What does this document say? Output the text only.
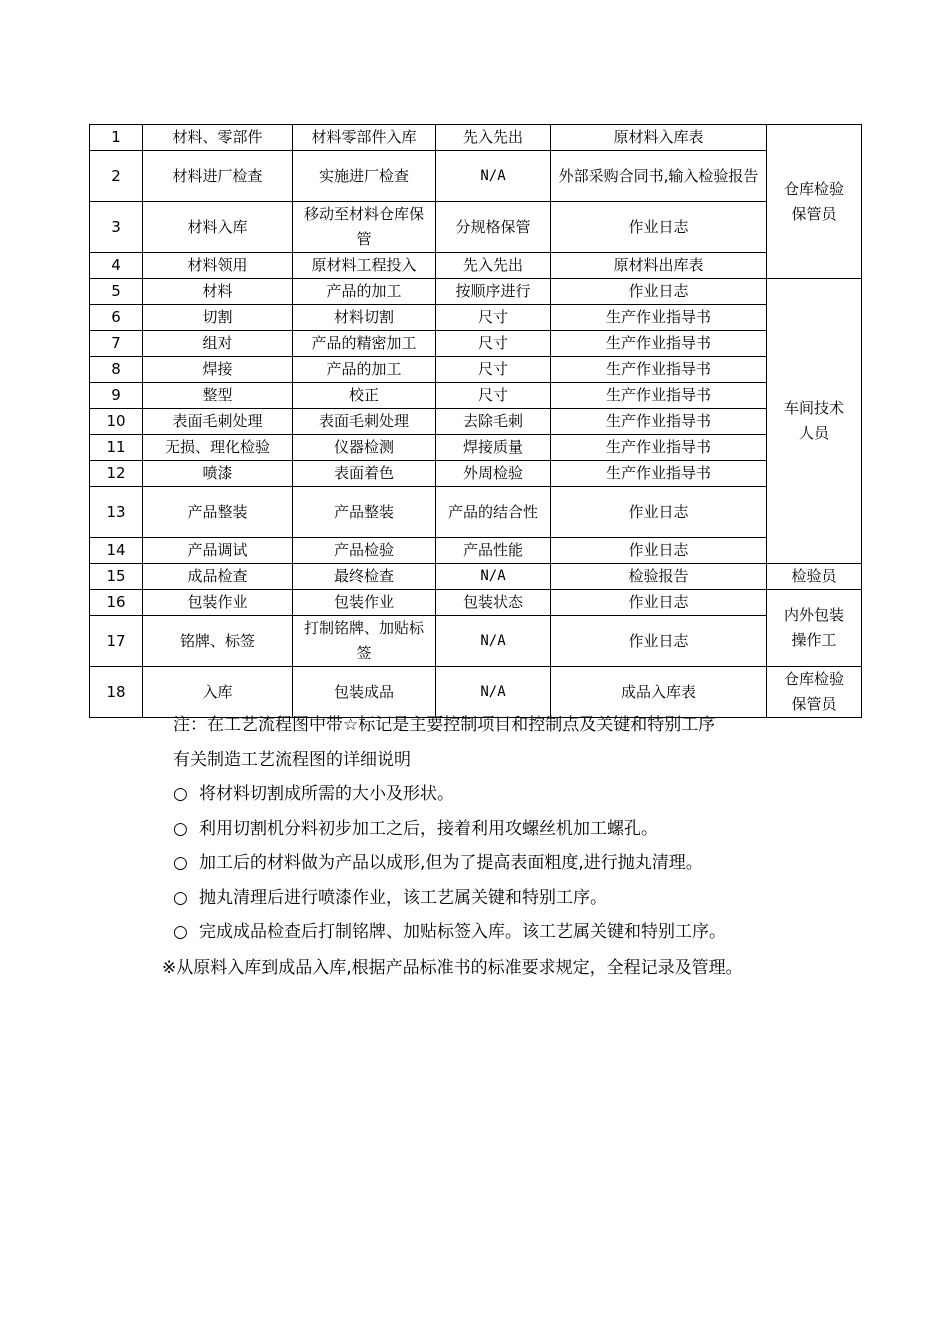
1	材料、零部件	材料零部件入库	先入先出	原材料入库表	仓库检验保管员
2	材料进厂检查	实施进厂检查	N/A	外部采购合同书,输入检验报告	
3	材料入库	移动至材料仓库保管	分规格保管	作业日志	
4	材料领用	原材料工程投入	先入先出	原材料出库表	
5	材料	产品的加工	按顺序进行	作业日志	车间技术人员
6	切割	材料切割	尺寸	生产作业指导书	
7	组对	产品的精密加工	尺寸	生产作业指导书	
8	焊接	产品的加工	尺寸	生产作业指导书	
9	整型	校正	尺寸	生产作业指导书	
10	表面毛刺处理	表面毛刺处理	去除毛刺	生产作业指导书	
11	无损、理化检验	仪器检测	焊接质量	生产作业指导书	
12	喷漆	表面着色	外周检验	生产作业指导书	
13	产品整装	产品整装	产品的结合性	作业日志	
14	产品调试	产品检验	产品性能	作业日志	
15	成品检查	最终检查	N/A	检验报告	检验员
16	包装作业	包装作业	包装状态	作业日志	内外包装操作工
17	铭牌、标签	打制铭牌、加贴标签	N/A	作业日志	
18	入库	包装成品	N/A	成品入库表	仓库检验保管员
注：在工艺流程图中带☆标记是主要控制项目和控制点及关键和特别工序
有关制造工艺流程图的详细说明
○ 将材料切割成所需的大小及形状。
○ 利用切割机分料初步加工之后，接着利用攻螺丝机加工螺孔。
○ 加工后的材料做为产品以成形,但为了提高表面粗度,进行抛丸清理。
○ 抛丸清理后进行喷漆作业，该工艺属关键和特别工序。
○ 完成成品检查后打制铭牌、加贴标签入库。该工艺属关键和特别工序。
※从原料入库到成品入库,根据产品标准书的标准要求规定，全程记录及管理。
